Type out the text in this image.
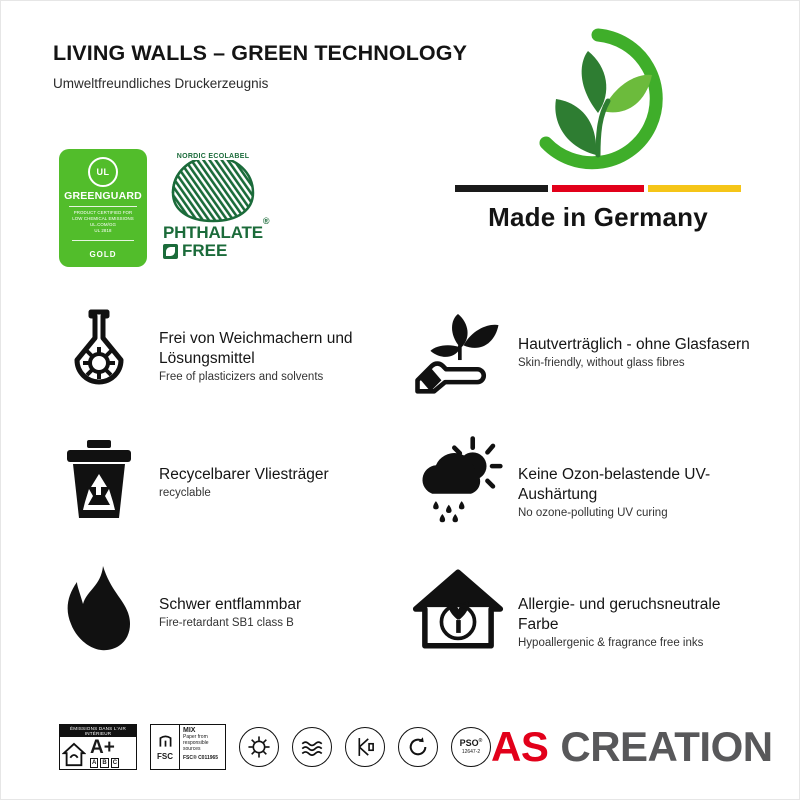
LIVING WALLS – GREEN TECHNOLOGY

Umweltfreundliches Druckerzeugnis

UL
GREENGUARD
PRODUCT CERTIFIED FOR
LOW CHEMICAL EMISSIONS
UL.COM/GG
UL 2818
GOLD
NORDIC ECOLABEL
PHTHALATE®
FREE
Made in Germany
Frei von Weichmachern und Lösungsmittel
Free of plasticizers and solvents
Hautverträglich - ohne Glasfasern
Skin-friendly, without glass fibres
Recycelbarer Vliesträger
recyclable
Keine Ozon-belastende UV-Aushärtung
No ozone-polluting UV curing
Schwer entflammbar
Fire-retardant SB1 class B
Allergie- und geruchsneutrale Farbe
Hypoallergenic & fragrance free inks
ÉMISSIONS DANS L'AIR INTÉRIEUR
A+
A	B	C
FSC
MIX
Paper from
responsible sources
FSC® C011965
PSO®
12647-2 AS CREATION
